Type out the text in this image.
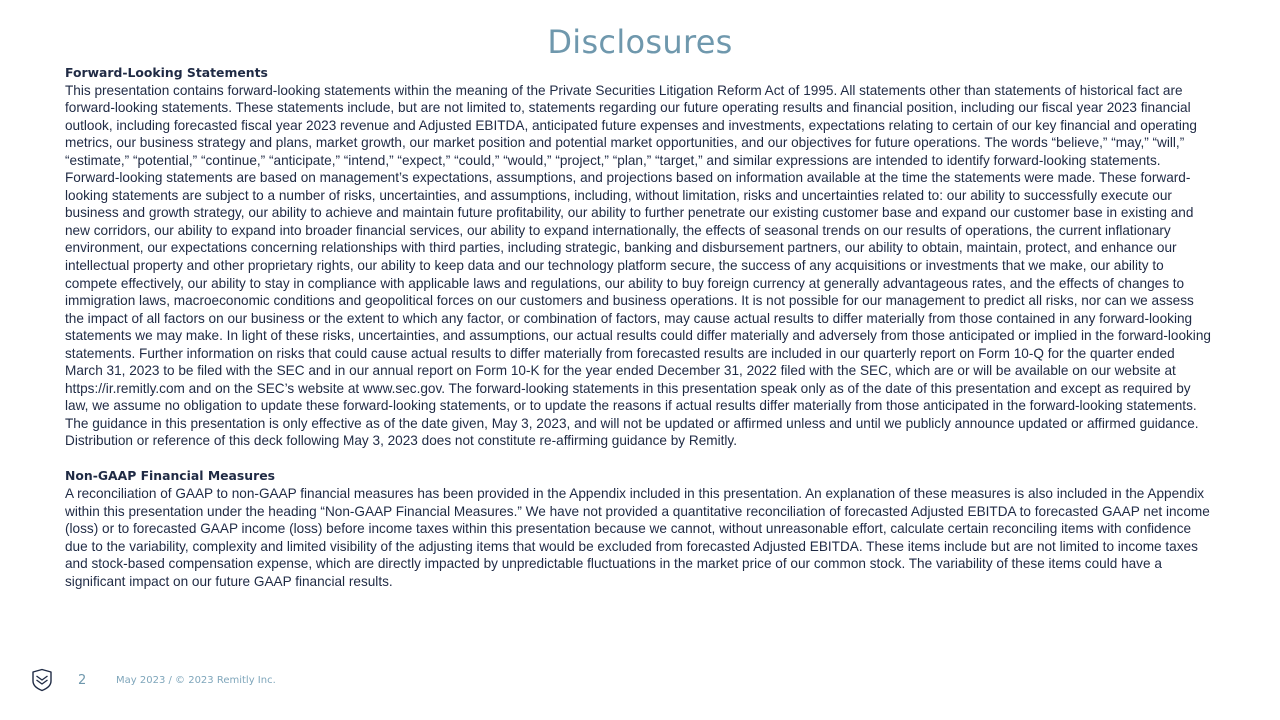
Disclosures
Forward-Looking Statements

This presentation contains forward-looking statements within the meaning of the Private Securities Litigation Reform Act of 1995. All statements other than statements of historical fact are forward-looking statements. These statements include, but are not limited to, statements regarding our future operating results and financial position, including our fiscal year 2023 financial outlook, including forecasted fiscal year 2023 revenue and Adjusted EBITDA, anticipated future expenses and investments, expectations relating to certain of our key financial and operating metrics, our business strategy and plans, market growth, our market position and potential market opportunities, and our objectives for future operations. The words “believe,” “may,” “will,” “estimate,” “potential,” “continue,” “anticipate,” “intend,” “expect,” “could,” “would,” “project,” “plan,” “target,” and similar expressions are intended to identify forward-looking statements. Forward-looking statements are based on management’s expectations, assumptions, and projections based on information available at the time the statements were made. These forward-looking statements are subject to a number of risks, uncertainties, and assumptions, including, without limitation, risks and uncertainties related to: our ability to successfully execute our business and growth strategy, our ability to achieve and maintain future profitability, our ability to further penetrate our existing customer base and expand our customer base in existing and new corridors, our ability to expand into broader financial services, our ability to expand internationally, the effects of seasonal trends on our results of operations, the current inflationary environment, our expectations concerning relationships with third parties, including strategic, banking and disbursement partners, our ability to obtain, maintain, protect, and enhance our intellectual property and other proprietary rights, our ability to keep data and our technology platform secure, the success of any acquisitions or investments that we make, our ability to compete effectively, our ability to stay in compliance with applicable laws and regulations, our ability to buy foreign currency at generally advantageous rates, and the effects of changes to immigration laws, macroeconomic conditions and geopolitical forces on our customers and business operations. It is not possible for our management to predict all risks, nor can we assess the impact of all factors on our business or the extent to which any factor, or combination of factors, may cause actual results to differ materially from those contained in any forward-looking statements we may make. In light of these risks, uncertainties, and assumptions, our actual results could differ materially and adversely from those anticipated or implied in the forward-looking statements. Further information on risks that could cause actual results to differ materially from forecasted results are included in our quarterly report on Form 10-Q for the quarter ended March 31, 2023 to be filed with the SEC and in our annual report on Form 10-K for the year ended December 31, 2022 filed with the SEC, which are or will be available on our website at https://ir.remitly.com and on the SEC’s website at www.sec.gov. The forward-looking statements in this presentation speak only as of the date of this presentation and except as required by law, we assume no obligation to update these forward-looking statements, or to update the reasons if actual results differ materially from those anticipated in the forward-looking statements. The guidance in this presentation is only effective as of the date given, May 3, 2023, and will not be updated or affirmed unless and until we publicly announce updated or affirmed guidance. Distribution or reference of this deck following May 3, 2023 does not constitute re-affirming guidance by Remitly.

Non-GAAP Financial Measures

A reconciliation of GAAP to non-GAAP financial measures has been provided in the Appendix included in this presentation. An explanation of these measures is also included in the Appendix within this presentation under the heading “Non-GAAP Financial Measures.” We have not provided a quantitative reconciliation of forecasted Adjusted EBITDA to forecasted GAAP net income (loss) or to forecasted GAAP income (loss) before income taxes within this presentation because we cannot, without unreasonable effort, calculate certain reconciling items with confidence due to the variability, complexity and limited visibility of the adjusting items that would be excluded from forecasted Adjusted EBITDA. These items include but are not limited to income taxes and stock-based compensation expense, which are directly impacted by unpredictable fluctuations in the market price of our common stock. The variability of these items could have a significant impact on our future GAAP financial results.

2	May 2023 / © 2023 Remitly Inc.
